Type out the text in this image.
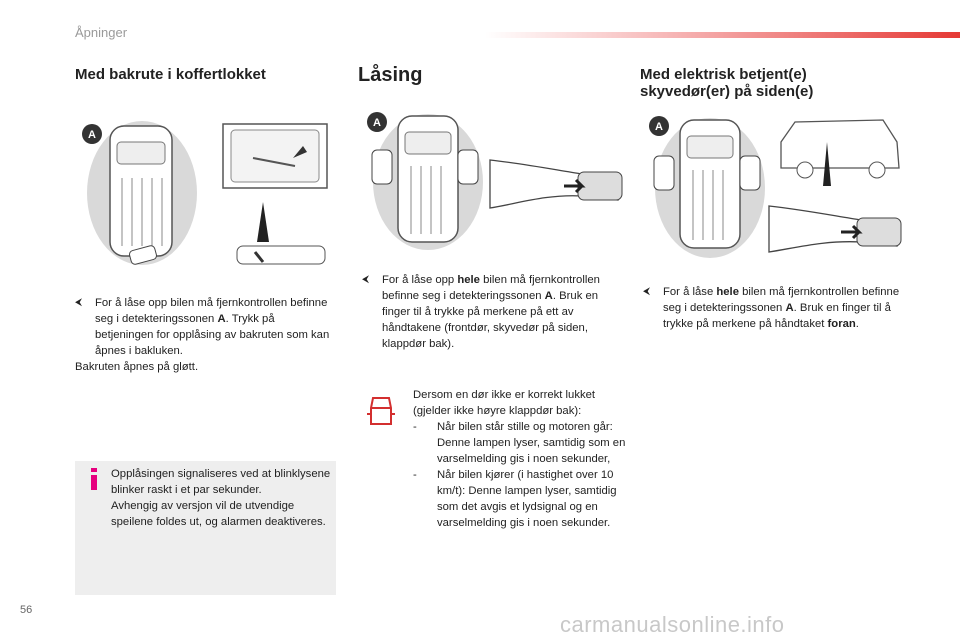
Åpninger
Med bakrute i koffertlokket
A
⮜	For å låse opp bilen må fjernkontrollen befinne seg i detekteringssonen A. Trykk på betjeningen for opplåsing av bakruten som kan åpnes i bakluken.
Bakruten åpnes på gløtt.
Opplåsingen signaliseres ved at blinklysene blinker raskt i et par sekunder.
Avhengig av versjon vil de utvendige speilene foldes ut, og alarmen deaktiveres.
Låsing
A
⮜	For å låse opp hele bilen må fjernkontrollen befinne seg i detekteringssonen A. Bruk en finger til å trykke på merkene på ett av håndtakene (frontdør, skyvedør på siden, klappdør bak).
Dersom en dør ikke er korrekt lukket (gjelder ikke høyre klappdør bak):
-	Når bilen står stille og motoren går: Denne lampen lyser, samtidig som en varselmelding gis i noen sekunder,
-	Når bilen kjører (i hastighet over 10 km/t): Denne lampen lyser, samtidig som det avgis et lydsignal og en varselmelding gis i noen sekunder.
Med elektrisk betjent(e) skyvedør(er) på siden(e)
A
⮜	For å låse hele bilen må fjernkontrollen befinne seg i detekteringssonen A. Bruk en finger til å trykke på merkene på håndtaket foran.
56
carmanualsonline.info
